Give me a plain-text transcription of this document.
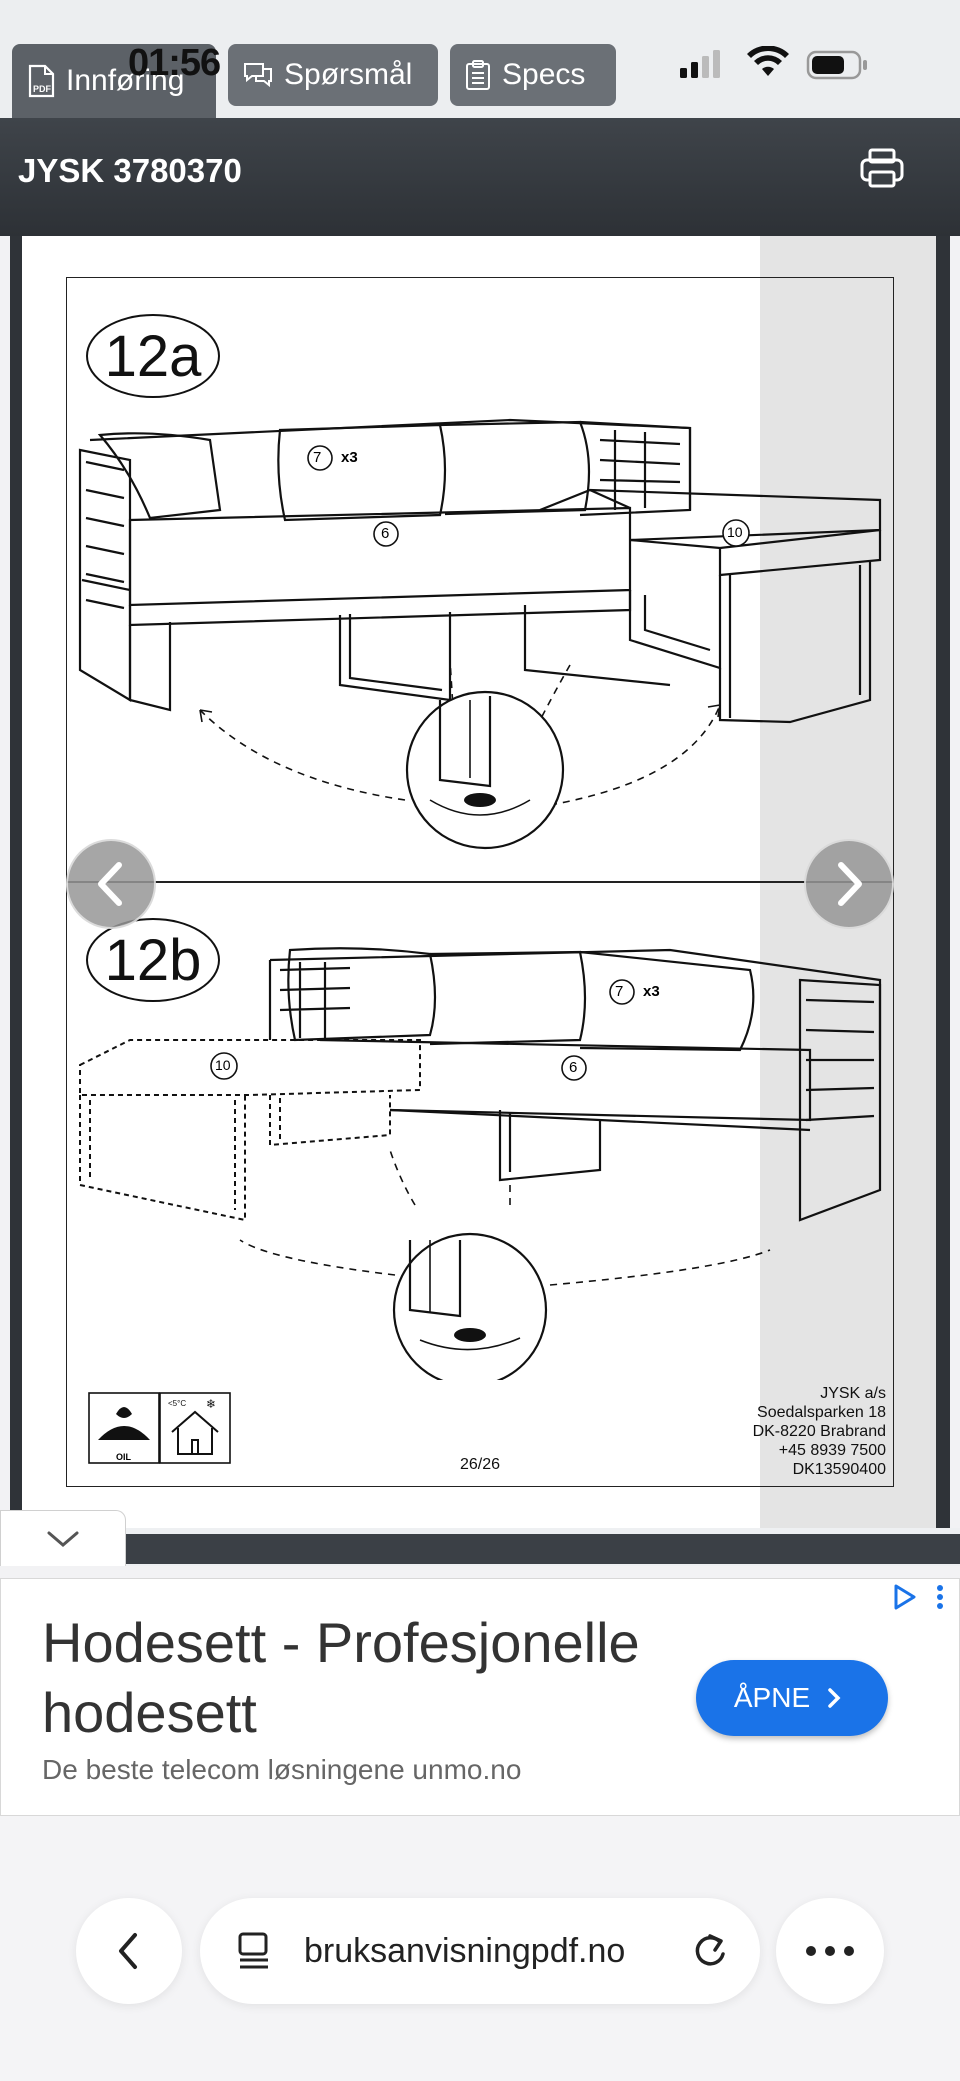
PDF Innføring
01:56 Spørsmål	Specs
JYSK 3780370
12a
12b
7 x3
6	10
7 x3
6
10
<5°C ❄
OIL	26/26
JYSK a/s
Soedalsparken 18
DK-8220 Brabrand
+45 8939 7500
DK13590400
Hodesett - Profesjonelle hodesett
De beste telecom løsningene unmo.no
ÅPNE
bruksanvisningpdf.no
